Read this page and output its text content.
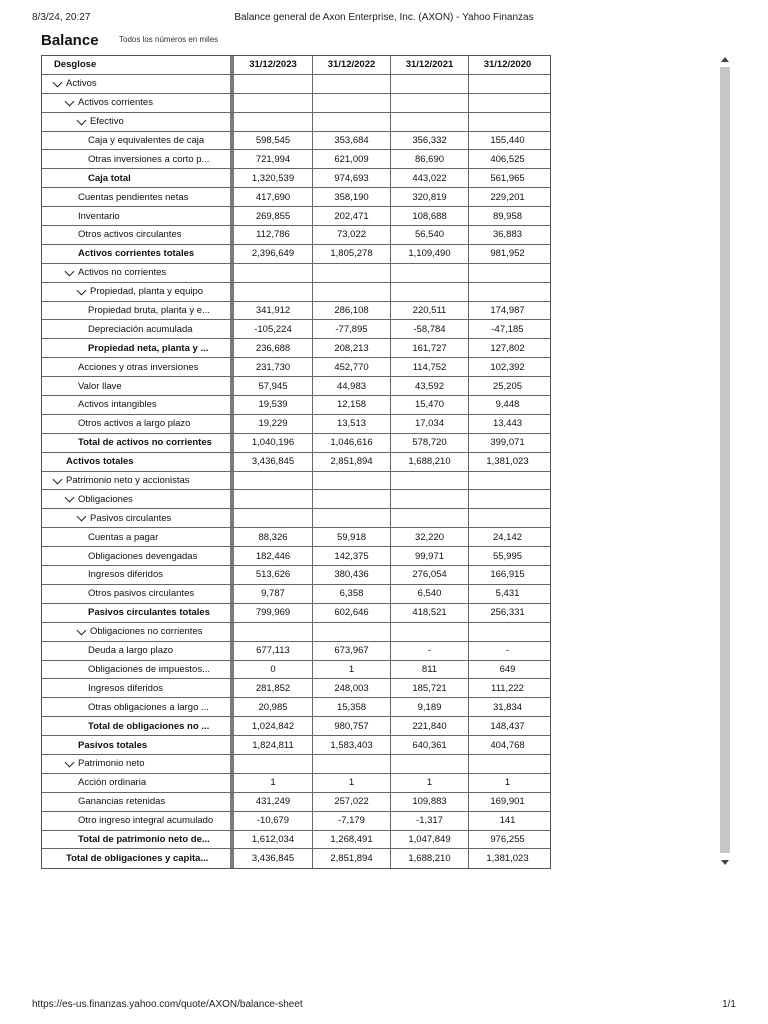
8/3/24, 20:27	Balance general de Axon Enterprise, Inc. (AXON) - Yahoo Finanzas
Balance	Todos los números en miles
Desglose	31/12/2023	31/12/2022	31/12/2021	31/12/2020
Activos
Activos corrientes
Efectivo
Caja y equivalentes de caja	598,545	353,684	356,332	155,440
Otras inversiones a corto p...	721,994	621,009	86,690	406,525
Caja total	1,320,539	974,693	443,022	561,965
Cuentas pendientes netas	417,690	358,190	320,819	229,201
Inventario	269,855	202,471	108,688	89,958
Otros activos circulantes	112,786	73,022	56,540	36,883
Activos corrientes totales	2,396,649	1,805,278	1,109,490	981,952
Activos no corrientes
Propiedad, planta y equipo
Propiedad bruta, planta y e...	341,912	286,108	220,511	174,987
Depreciación acumulada	-105,224	-77,895	-58,784	-47,185
Propiedad neta, planta y ...	236,688	208,213	161,727	127,802
Acciones y otras inversiones	231,730	452,770	114,752	102,392
Valor llave	57,945	44,983	43,592	25,205
Activos intangibles	19,539	12,158	15,470	9,448
Otros activos a largo plazo	19,229	13,513	17,034	13,443
Total de activos no corrientes	1,040,196	1,046,616	578,720	399,071
Activos totales	3,436,845	2,851,894	1,688,210	1,381,023
Patrimonio neto y accionistas
Obligaciones
Pasivos circulantes
Cuentas a pagar	88,326	59,918	32,220	24,142
Obligaciones devengadas	182,446	142,375	99,971	55,995
Ingresos diferidos	513,626	380,436	276,054	166,915
Otros pasivos circulantes	9,787	6,358	6,540	5,431
Pasivos circulantes totales	799,969	602,646	418,521	256,331
Obligaciones no corrientes
Deuda a largo plazo	677,113	673,967	-	-
Obligaciones de impuestos...	0	1	811	649
Ingresos diferidos	281,852	248,003	185,721	111,222
Otras obligaciones a largo ...	20,985	15,358	9,189	31,834
Total de obligaciones no ...	1,024,842	980,757	221,840	148,437
Pasivos totales	1,824,811	1,583,403	640,361	404,768
Patrimonio neto
Acción ordinaria	1	1	1	1
Ganancias retenidas	431,249	257,022	109,883	169,901
Otro ingreso integral acumulado	-10,679	-7,179	-1,317	141
Total de patrimonio neto de...	1,612,034	1,268,491	1,047,849	976,255
Total de obligaciones y capita...	3,436,845	2,851,894	1,688,210	1,381,023
https://es-us.finanzas.yahoo.com/quote/AXON/balance-sheet	1/1
